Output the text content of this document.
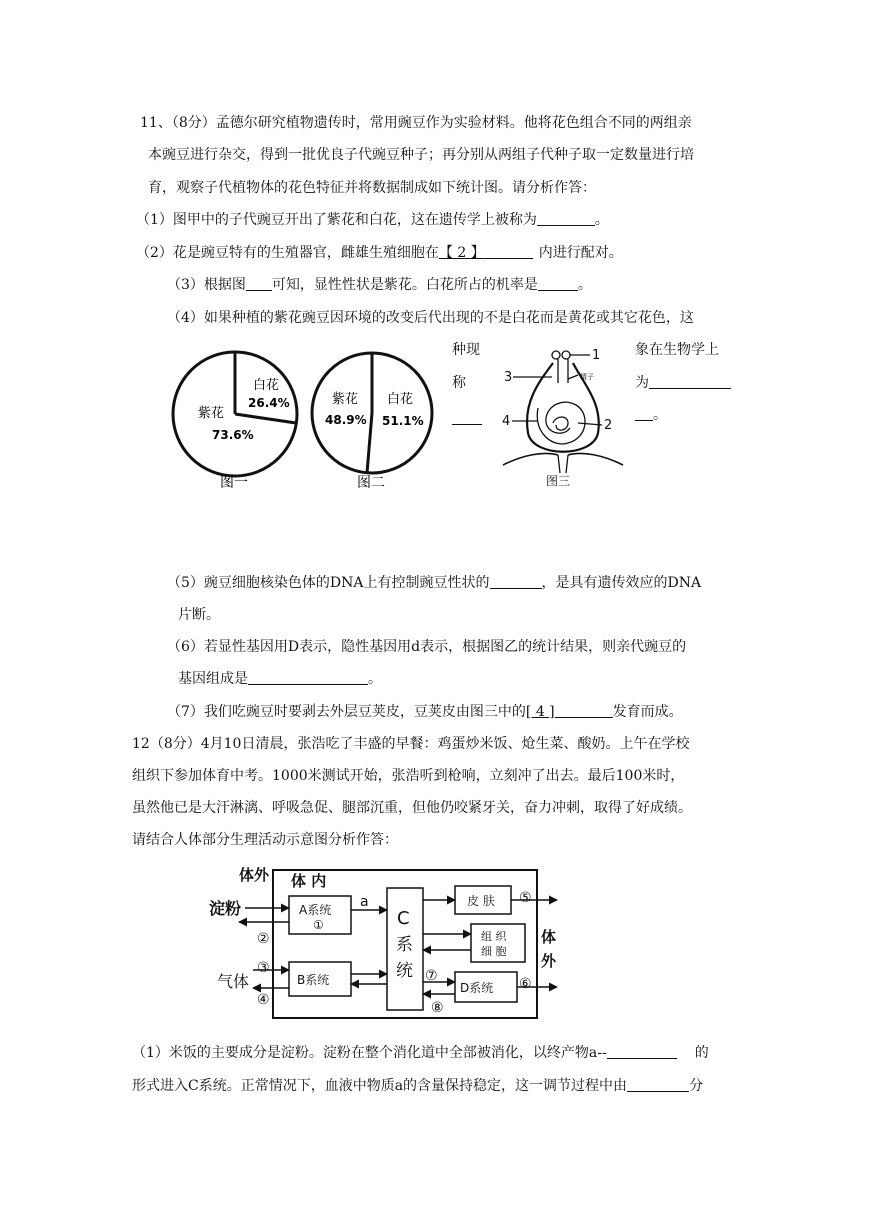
11、（8分）孟德尔研究植物遗传时，常用豌豆作为实验材料。他将花色组合不同的两组亲
本豌豆进行杂交，得到一批优良子代豌豆种子；再分别从两组子代种子取一定数量进行培
育，观察子代植物体的花色特征并将数据制成如下统计图。请分析作答：
（1）图甲中的子代豌豆开出了紫花和白花，这在遗传学上被称为	。
（2）花是豌豆特有的生殖器官，雌雄生殖细胞在【 2 】	内进行配对。
（3）根据图 可知，显性性状是紫花。白花所占的机率是	。
（4）如果种植的紫花豌豆因环境的改变后代出现的不是白花而是黄花或其它花色，这
种现
称
象在生物学上
为
。
白花
26.4%
紫花
73.6%
图一
紫花
48.9%
白花
51.1%
图二
1
2
3
4
精子
图三
（5）豌豆细胞核染色体的DNA上有控制豌豆性状的	，是具有遗传效应的DNA
片断。
（6）若显性基因用D表示，隐性基因用d表示，根据图乙的统计结果，则亲代豌豆的
基因组成是	。
（7）我们吃豌豆时要剥去外层豆荚皮，豆荚皮由图三中的[ 4 ]	发育而成。
12（8分）4月10日清晨，张浩吃了丰盛的早餐：鸡蛋炒米饭、炝生菜、酸奶。上午在学校
组织下参加体育中考。1000米测试开始，张浩听到枪响，立刻冲了出去。最后100米时，
虽然他已是大汗淋漓、呼吸急促、腿部沉重，但他仍咬紧牙关，奋力冲刺，取得了好成绩。
请结合人体部分生理活动示意图分析作答：
体外 体 内
淀粉
气体
体
外
A系统
①
B系统
C
系
统
皮 肤
组 织
细 胞
D系统
a
②
③
④
⑤
⑥
⑦
⑧
（1）米饭的主要成分是淀粉。淀粉在整个消化道中全部被消化，以终产物a--	的
形式进入C系统。正常情况下，血液中物质a的含量保持稳定，这一调节过程中由	分
